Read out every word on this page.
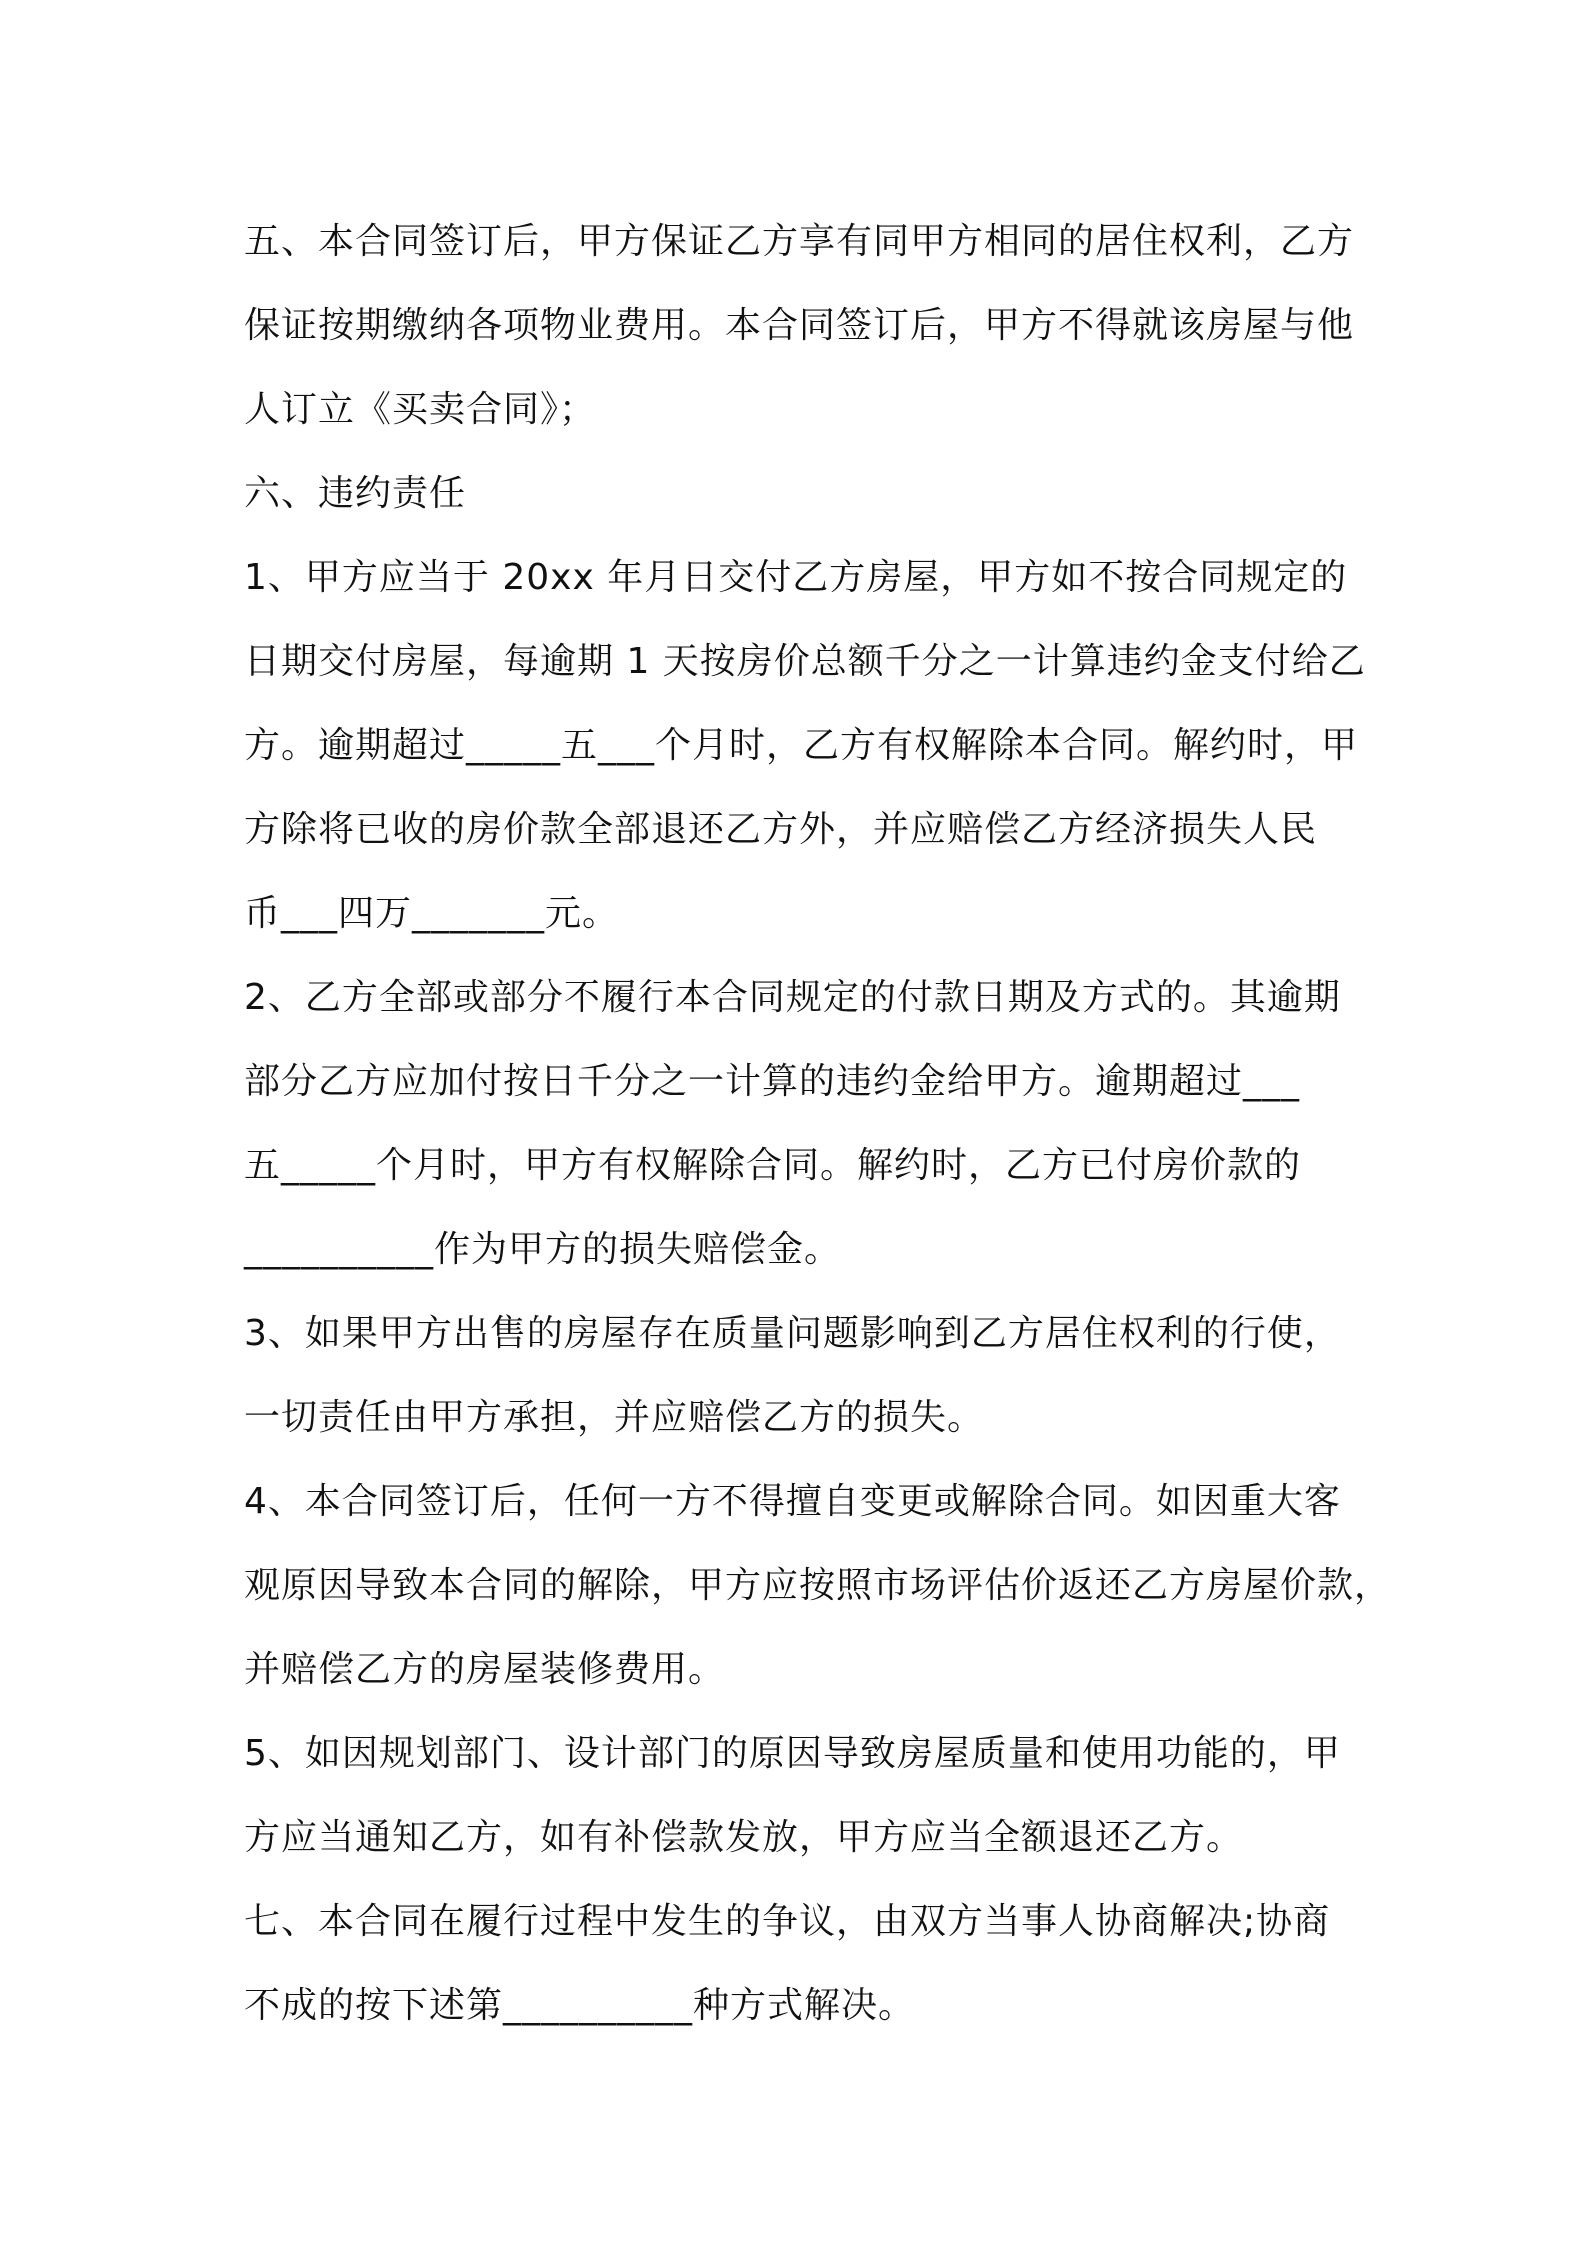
五、本合同签订后，甲方保证乙方享有同甲方相同的居住权利，乙方
保证按期缴纳各项物业费用。本合同签订后，甲方不得就该房屋与他
人订立《买卖合同》；
六、违约责任
1、甲方应当于 20xx 年月日交付乙方房屋，甲方如不按合同规定的
日期交付房屋，每逾期 1 天按房价总额千分之一计算违约金支付给乙
方。逾期超过_____五___个月时，乙方有权解除本合同。解约时，甲
方除将已收的房价款全部退还乙方外，并应赔偿乙方经济损失人民
币___四万_______元。
2、乙方全部或部分不履行本合同规定的付款日期及方式的。其逾期
部分乙方应加付按日千分之一计算的违约金给甲方。逾期超过___
五_____个月时，甲方有权解除合同。解约时，乙方已付房价款的
__________作为甲方的损失赔偿金。
3、如果甲方出售的房屋存在质量问题影响到乙方居住权利的行使，
一切责任由甲方承担，并应赔偿乙方的损失。
4、本合同签订后，任何一方不得擅自变更或解除合同。如因重大客
观原因导致本合同的解除，甲方应按照市场评估价返还乙方房屋价款，
并赔偿乙方的房屋装修费用。
5、如因规划部门、设计部门的原因导致房屋质量和使用功能的，甲
方应当通知乙方，如有补偿款发放，甲方应当全额退还乙方。
七、本合同在履行过程中发生的争议，由双方当事人协商解决;协商
不成的按下述第__________种方式解决。
